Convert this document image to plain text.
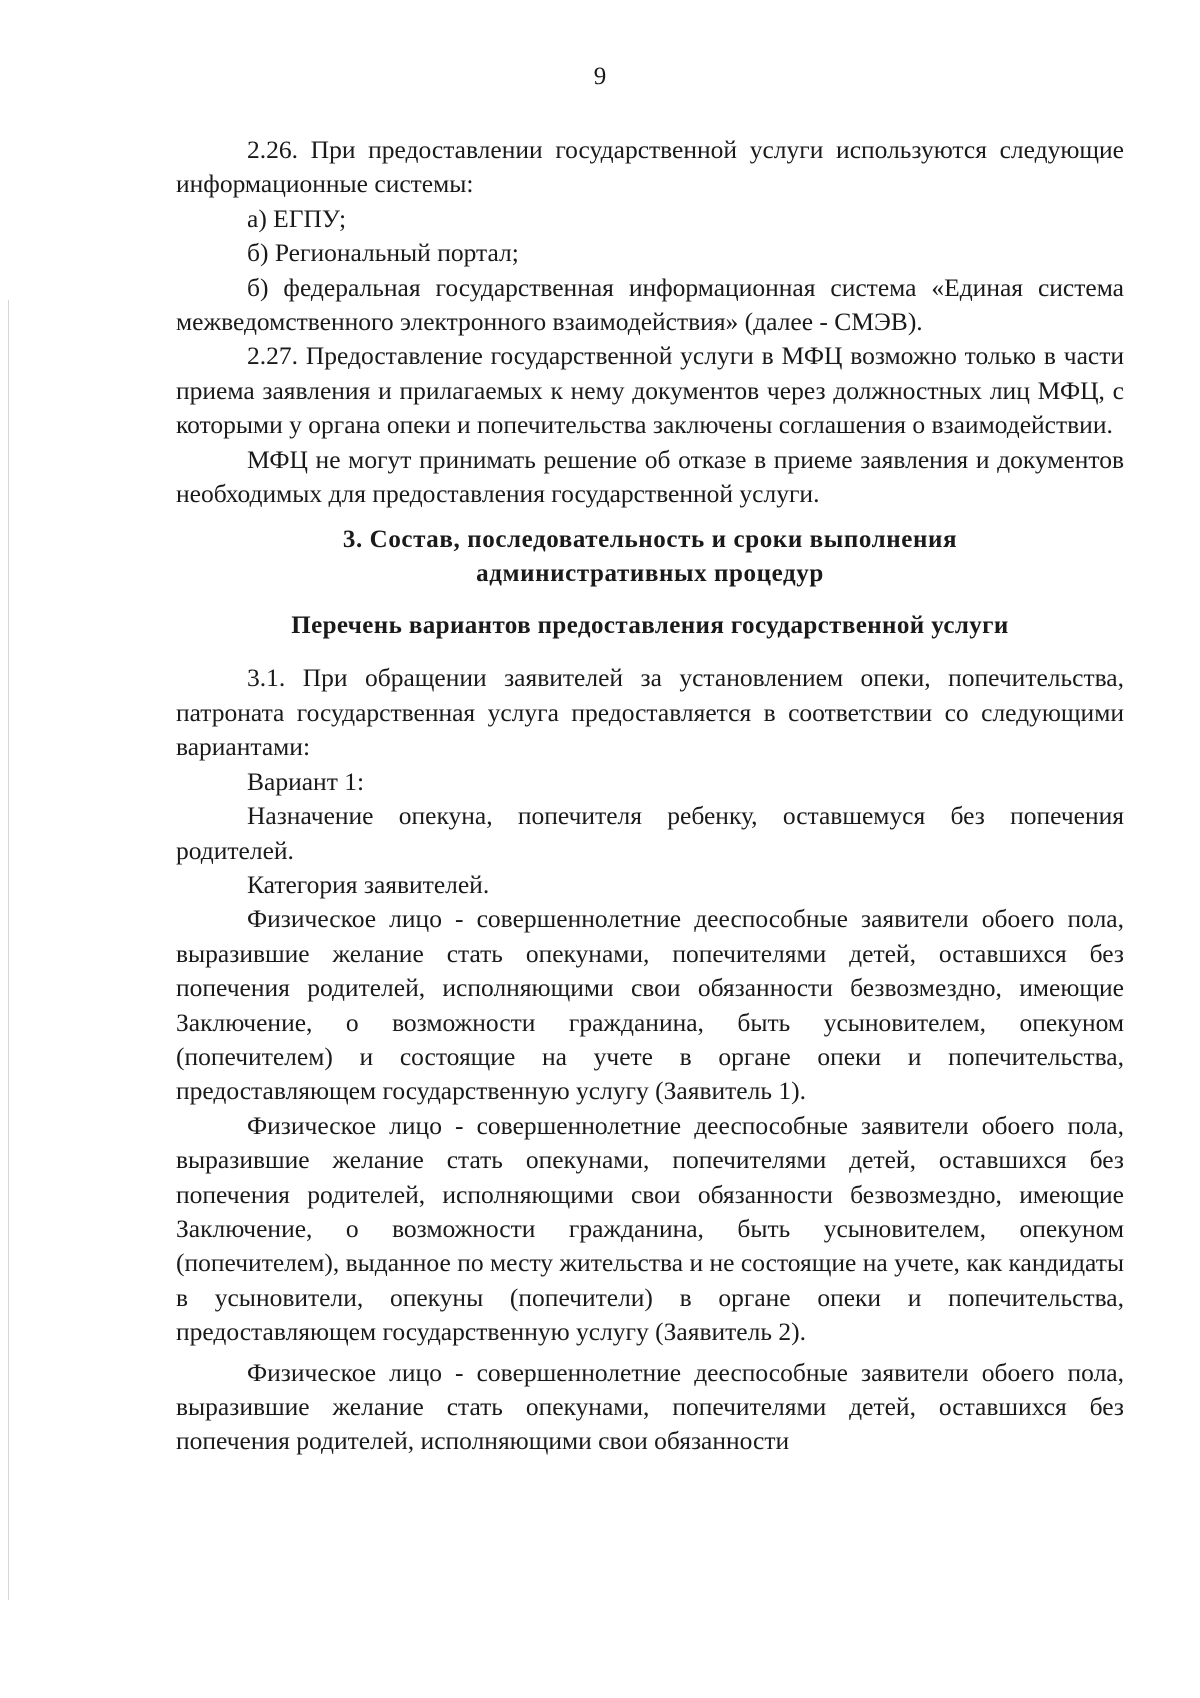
9

2.26. При предоставлении государственной услуги используются следующие информационные системы:

а) ЕГПУ;

б) Региональный портал;

б) федеральная государственная информационная система «Единая система межведомственного электронного взаимодействия» (далее - СМЭВ).

2.27. Предоставление государственной услуги в МФЦ возможно только в части приема заявления и прилагаемых к нему документов через должностных лиц МФЦ, с которыми у органа опеки и попечительства заключены соглашения о взаимодействии.

МФЦ не могут принимать решение об отказе в приеме заявления и документов необходимых для предоставления государственной услуги.

3. Состав, последовательность и сроки выполнения
административных процедур
Перечень вариантов предоставления государственной услуги

3.1. При обращении заявителей за установлением опеки, попечительства, патроната государственная услуга предоставляется в соответствии со следующими вариантами:

Вариант 1:

Назначение опекуна, попечителя ребенку, оставшемуся без попечения родителей.

Категория заявителей.

Физическое лицо - совершеннолетние дееспособные заявители обоего пола, выразившие желание стать опекунами, попечителями детей, оставшихся без попечения родителей, исполняющими свои обязанности безвозмездно, имеющие Заключение, о возможности гражданина, быть усыновителем, опекуном (попечителем) и состоящие на учете в органе опеки и попечительства, предоставляющем государственную услугу (Заявитель 1).

Физическое лицо - совершеннолетние дееспособные заявители обоего пола, выразившие желание стать опекунами, попечителями детей, оставшихся без попечения родителей, исполняющими свои обязанности безвозмездно, имеющие Заключение, о возможности гражданина, быть усыновителем, опекуном (попечителем), выданное по месту жительства и не состоящие на учете, как кандидаты в усыновители, опекуны (попечители) в органе опеки и попечительства, предоставляющем государственную услугу (Заявитель 2).

Физическое лицо - совершеннолетние дееспособные заявители обоего пола, выразившие желание стать опекунами, попечителями детей, оставшихся без попечения родителей, исполняющими свои обязанности
